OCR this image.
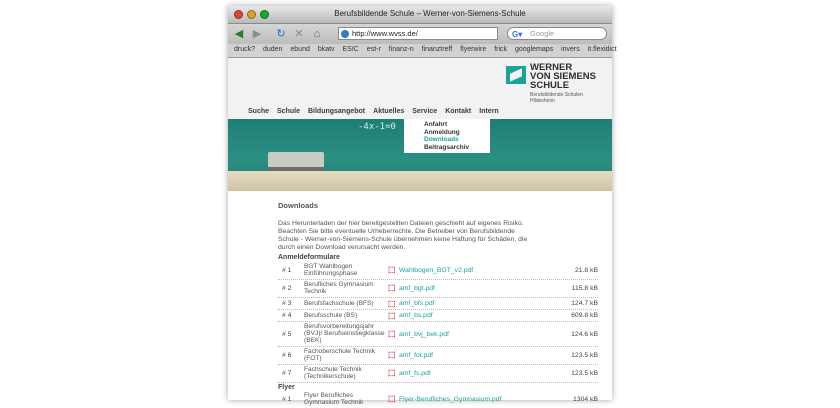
Berufsbildende Schule – Werner-von-Siemens-Schule
◀ ▶ ↻ ✕ ⌂	http://www.wvss.de/	G▾ Google
druck? duden ebund bkatv ESIC est-r finanz-n finanztreff flyerwire frick googlemaps invers it.flexidict
WERNER
VON SIEMENS
SCHULE
Berufsbildende Schulen
Hildesheim
Suche Schule Bildungsangebot Aktuelles Service Kontakt Intern
-4x-1=0	Anfahrt
Anmeldung
Downloads
Beitragsarchiv
Downloads
Das Herunterladen der hier bereitgestellten Dateien geschieht auf eigenes Risiko.
Beachten Sie bitte eventuelle Urheberrechte. Die Betreiber von Berufsbildende
Schule - Werner-von-Siemens-Schule übernehmen keine Haftung für Schäden, die
durch einen Download verursacht werden.
Anmeldeformulare
# 1
BGT Wahlbogen
Einführungsphase	⬚ Wahlbogen_BGT_v2.pdf	21.8 kB
# 2
Berufliches Gymnasium
Technik	⬚ amf_bgt.pdf	115.8 kB
# 3 Berufsfachschule (BFS)	⬚ amf_bfs.pdf	124.7 kB
# 4 Berufsschule (BS)	⬚ amf_bs.pdf	609.8 kB
# 5
Berufsvorbereitungsjahr
(BVJ)/ Berufseinstiegklasse
(BEK)
⬚ amf_bvj_bek.pdf	124.6 kB
# 6
Fachoberschule Technik
(FOT)	⬚ amf_fot.pdf	123.5 kB
# 7
Fachschule Technik
(Technikerschule)	⬚ amf_fs.pdf	123.5 kB
Flyer
# 1
Flyer Berufliches
Gymnasium Technik	⬚ Flyer-Berufliches_Gymnasium.pdf	1304 kB
